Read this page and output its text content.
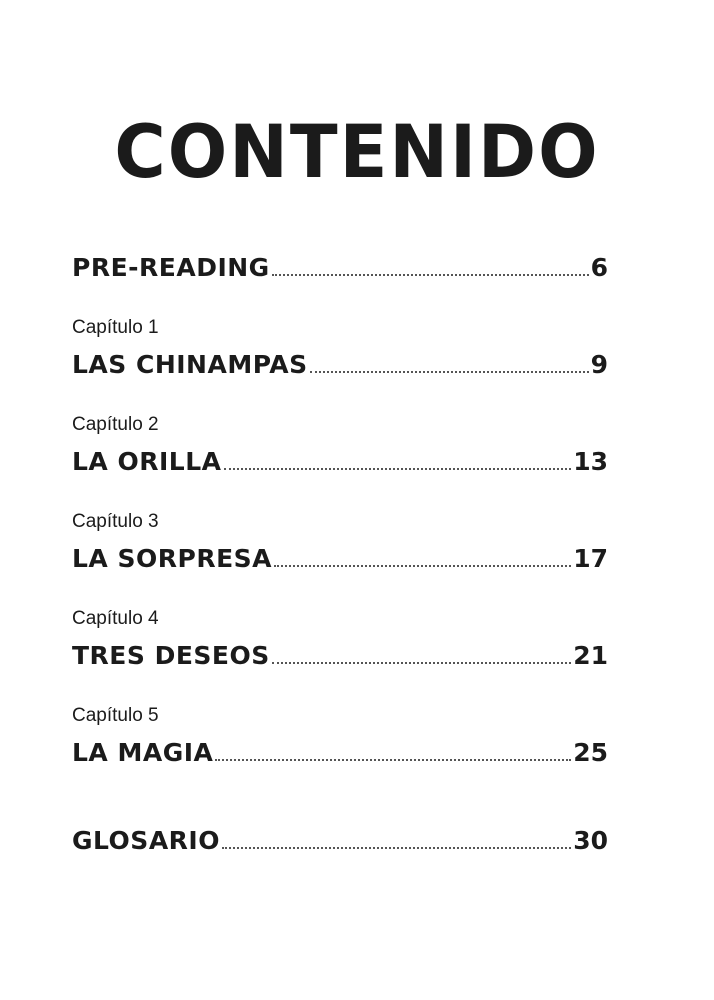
CONTENIDO
PRE-READING	6
Capítulo 1
LAS CHINAMPAS	9
Capítulo 2
LA ORILLA	13
Capítulo 3
LA SORPRESA	17
Capítulo 4
TRES DESEOS	21
Capítulo 5
LA MAGIA	25
GLOSARIO	30
